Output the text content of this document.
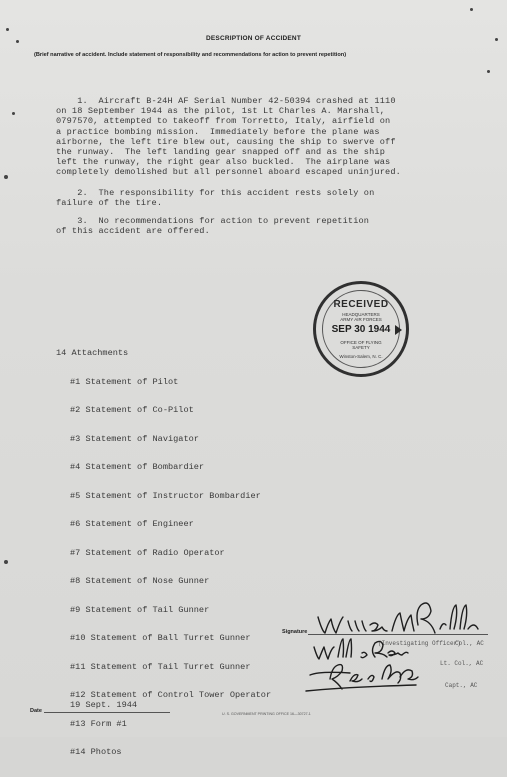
DESCRIPTION OF ACCIDENT
(Brief narrative of accident. Include statement of responsibility and recommendations for action to prevent repetition)
1.  Aircraft B-24H AF Serial Number 42-50394 crashed at 1110
on 18 September 1944 as the pilot, 1st Lt Charles A. Marshall,
0797570, attempted to takeoff from Torretto, Italy, airfield on
a practice bombing mission.  Immediately before the plane was
airborne, the left tire blew out, causing the ship to swerve off
the runway.  The left landing gear snapped off and as the ship
left the runway, the right gear also buckled.  The airplane was
completely demolished but all personnel aboard escaped uninjured.
2.  The responsibility for this accident rests solely on
failure of the tire.
3.  No recommendations for action to prevent repetition
of this accident are offered.
RECEIVED
HEADQUARTERS
ARMY AIR FORCES
SEP 30 1944
OFFICE OF FLYING
SAFETY
Winston-Salem, N. C.

14 Attachments

#1 Statement of Pilot

#2 Statement of Co-Pilot

#3 Statement of Navigator

#4 Statement of Bombardier

#5 Statement of Instructor Bombardier

#6 Statement of Engineer

#7 Statement of Radio Operator

#8 Statement of Nose Gunner

#9 Statement of Tail Gunner

#10 Statement of Ball Turret Gunner

#11 Statement of Tail Turret Gunner

#12 Statement of Control Tower Operator

#13 Form #1

#14 Photos

Signature
(Investigating Officer)
Col., AC
Lt. Col., AC
Capt., AC
Date
19 Sept. 1944
U. S. GOVERNMENT PRINTING OFFICE 16—30727-1
